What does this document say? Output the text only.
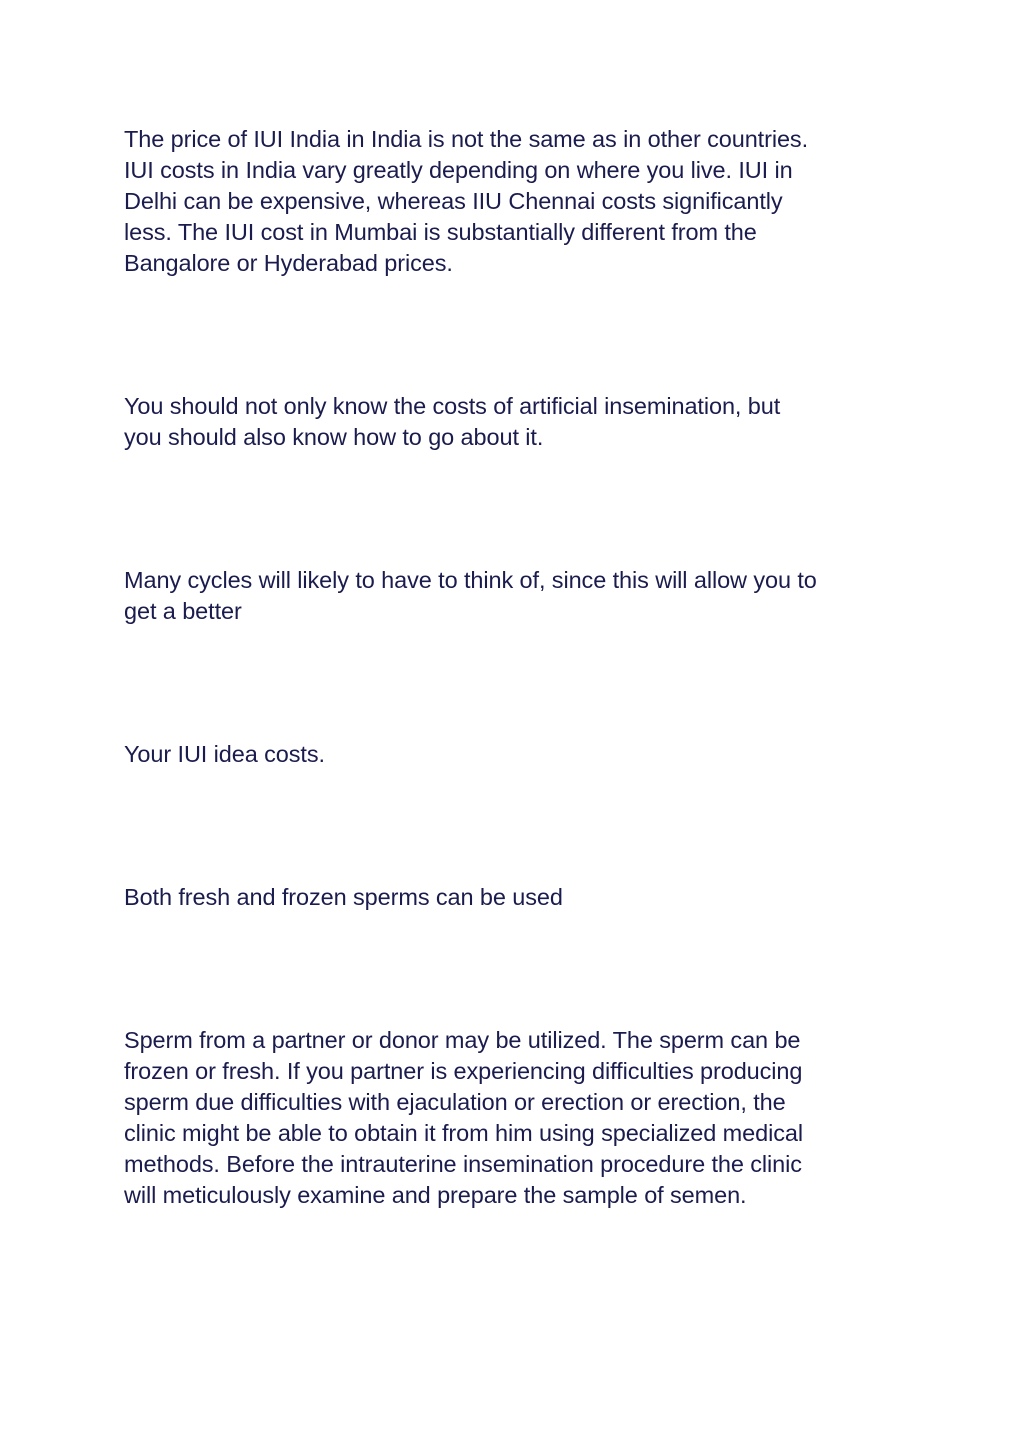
The price of IUI India in India is not the same as in other countries.
IUI costs in India vary greatly depending on where you live. IUI in
Delhi can be expensive, whereas IIU Chennai costs significantly
less. The IUI cost in Mumbai is substantially different from the
Bangalore or Hyderabad prices.

You should not only know the costs of artificial insemination, but
you should also know how to go about it.

Many cycles will likely to have to think of, since this will allow you to
get a better

Your IUI idea costs.

Both fresh and frozen sperms can be used

Sperm from a partner or donor may be utilized. The sperm can be
frozen or fresh. If you partner is experiencing difficulties producing
sperm due difficulties with ejaculation or erection or erection, the
clinic might be able to obtain it from him using specialized medical
methods. Before the intrauterine insemination procedure the clinic
will meticulously examine and prepare the sample of semen.
